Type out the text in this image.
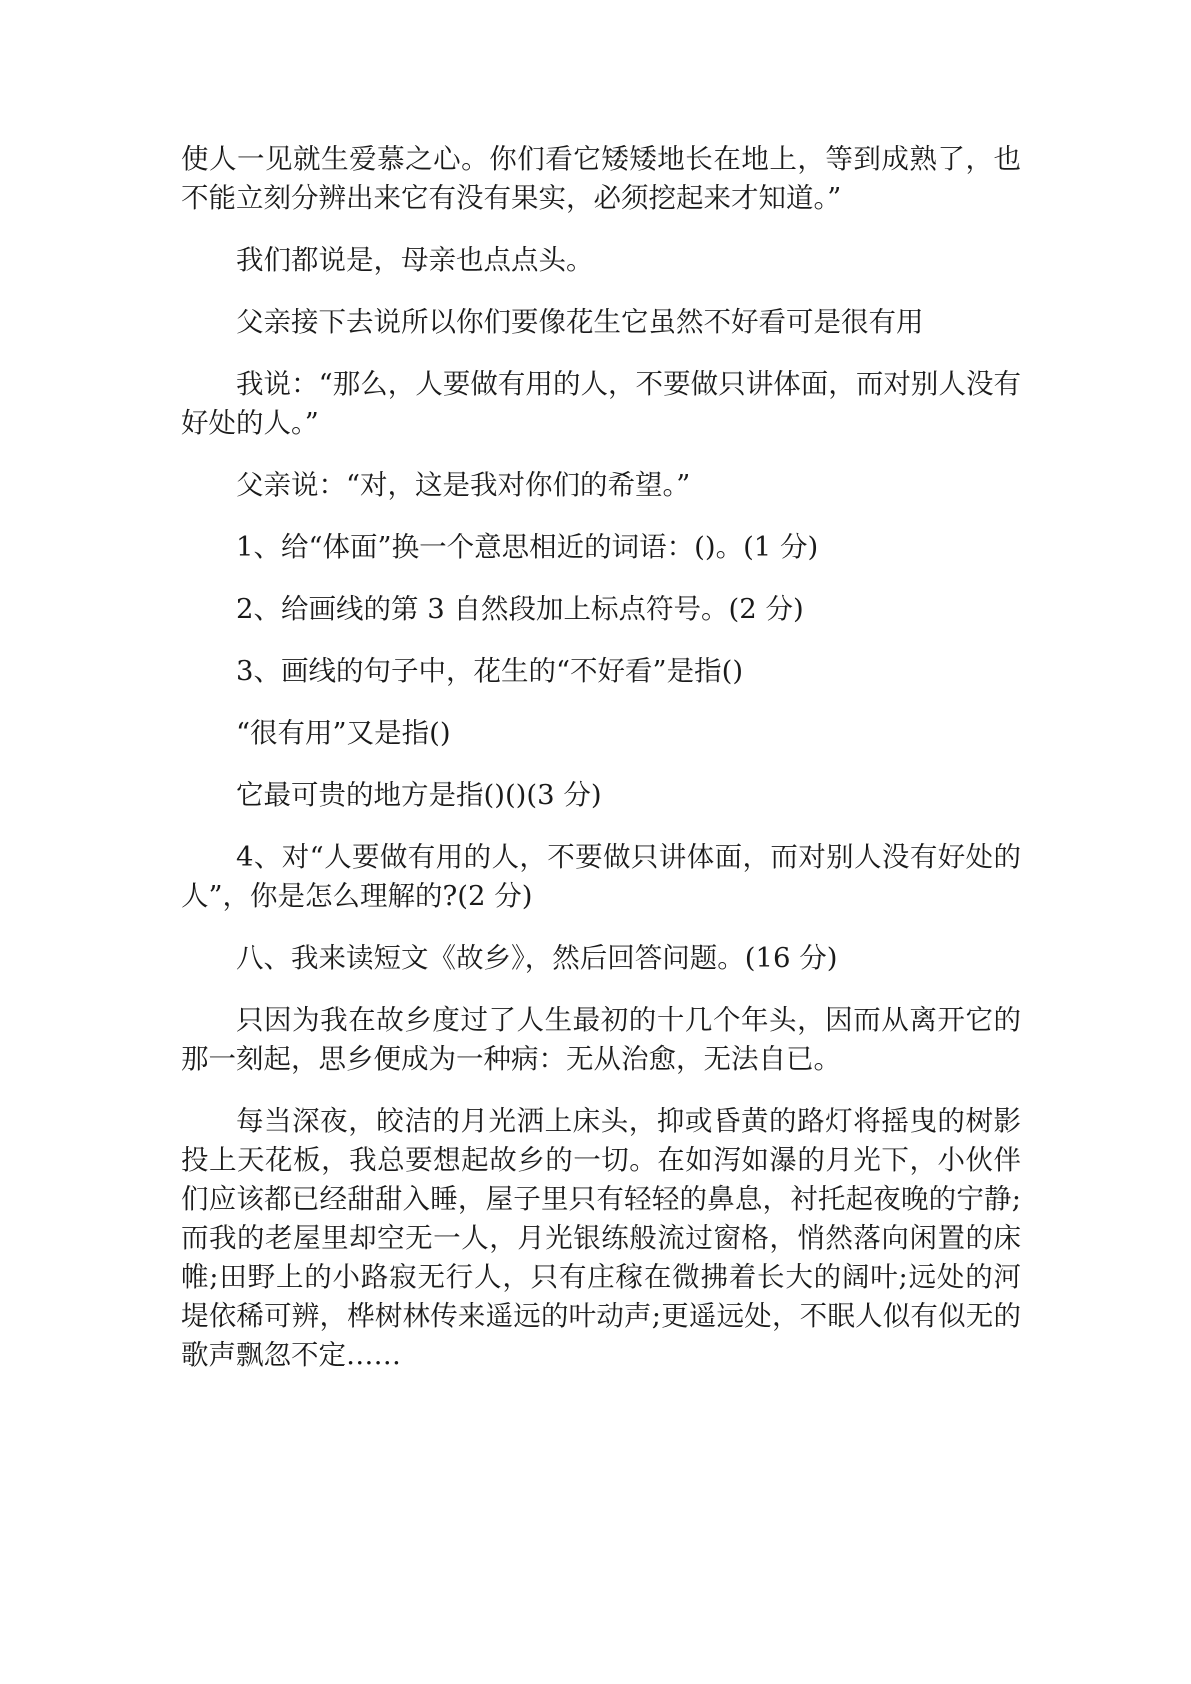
使人一见就生爱慕之心。你们看它矮矮地长在地上，等到成熟了，也不能立刻分辨出来它有没有果实，必须挖起来才知道。”

我们都说是，母亲也点点头。

父亲接下去说所以你们要像花生它虽然不好看可是很有用

我说：“那么，人要做有用的人，不要做只讲体面，而对别人没有好处的人。”

父亲说：“对，这是我对你们的希望。”

1、给“体面”换一个意思相近的词语：()。(1 分)

2、给画线的第 3 自然段加上标点符号。(2 分)

3、画线的句子中，花生的“不好看”是指()

“很有用”又是指()

它最可贵的地方是指()()(3 分)

4、对“人要做有用的人，不要做只讲体面，而对别人没有好处的人”，你是怎么理解的?(2 分)

八、我来读短文《故乡》，然后回答问题。(16 分)

只因为我在故乡度过了人生最初的十几个年头，因而从离开它的那一刻起，思乡便成为一种病：无从治愈，无法自已。

每当深夜，皎洁的月光洒上床头，抑或昏黄的路灯将摇曳的树影投上天花板，我总要想起故乡的一切。在如泻如瀑的月光下，小伙伴们应该都已经甜甜入睡，屋子里只有轻轻的鼻息，衬托起夜晚的宁静;而我的老屋里却空无一人，月光银练般流过窗格，悄然落向闲置的床帷;田野上的小路寂无行人，只有庄稼在微拂着长大的阔叶;远处的河堤依稀可辨，桦树林传来遥远的叶动声;更遥远处，不眠人似有似无的歌声飘忽不定……
